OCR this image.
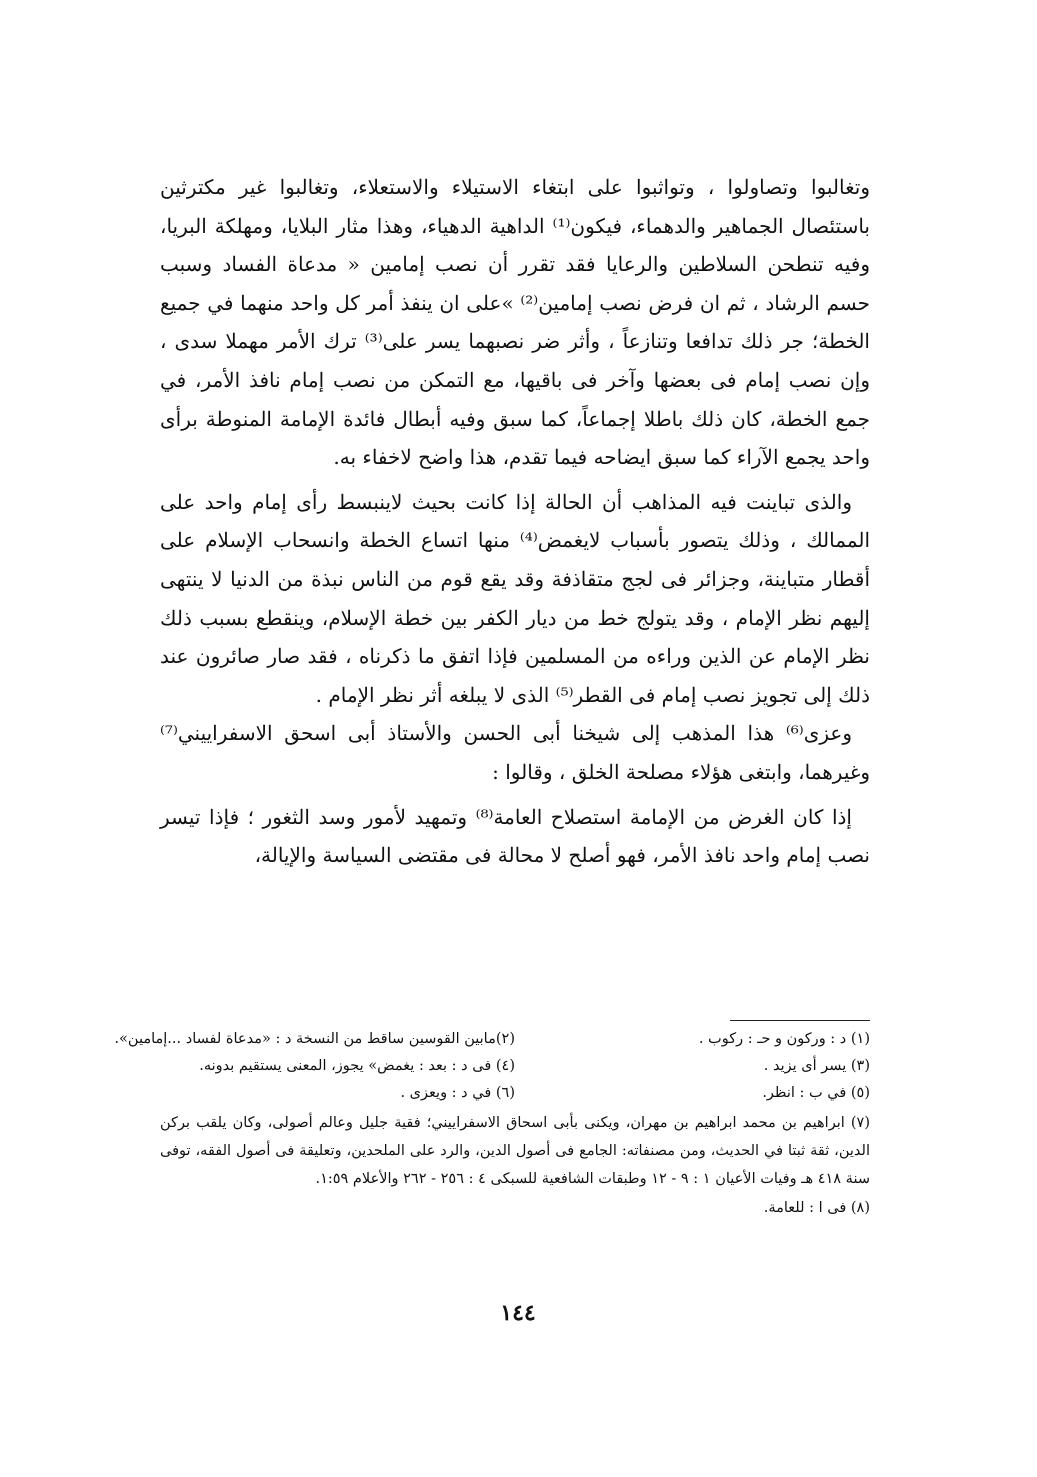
وتغالبوا وتصاولوا ، وتواثبوا على ابتغاء الاستيلاء والاستعلاء، وتغالبوا غير مكترثين باستئصال الجماهير والدهماء، فيكون⁽¹⁾ الداهية الدهياء، وهذا مثار البلايا، ومهلكة البريا، وفيه تنطحن السلاطين والرعايا فقد تقرر أن نصب إمامين « مدعاة الفساد وسبب حسم الرشاد ، ثم ان فرض نصب إمامين⁽²⁾ »على ان ينفذ أمر كل واحد منهما في جميع الخطة؛ جر ذلك تدافعا وتنازعاً ، وأثر ضر نصبهما يسر على⁽³⁾ ترك الأمر مهملا سدى ، وإن نصب إمام فى بعضها وآخر فى باقيها، مع التمكن من نصب إمام نافذ الأمر، في جمع الخطة، كان ذلك باطلا إجماعاً، كما سبق وفيه أبطال فائدة الإمامة المنوطة برأى واحد يجمع الآراء كما سبق ايضاحه فيما تقدم، هذا واضح لاخفاء به.

والذى تباينت فيه المذاهب أن الحالة إذا كانت بحيث لاينبسط رأى إمام واحد على الممالك ، وذلك يتصور بأسباب لايغمض⁽⁴⁾ منها اتساع الخطة وانسحاب الإسلام على أقطار متباينة، وجزائر فى لجج متقاذفة وقد يقع قوم من الناس نبذة من الدنيا لا ينتهى إليهم نظر الإمام ، وقد يتولج خط من ديار الكفر بين خطة الإسلام، وينقطع بسبب ذلك نظر الإمام عن الذين وراءه من المسلمين فإذا اتفق ما ذكرناه ، فقد صار صائرون عند ذلك إلى تجويز نصب إمام فى القطر⁽⁵⁾ الذى لا يبلغه أثر نظر الإمام .

وعزى⁽⁶⁾ هذا المذهب إلى شيخنا أبى الحسن والأستاذ أبى اسحق الاسفراييني⁽⁷⁾ وغيرهما، وابتغى هؤلاء مصلحة الخلق ، وقالوا :

إذا كان الغرض من الإمامة استصلاح العامة⁽⁸⁾ وتمهيد لأمور وسد الثغور ؛ فإذا تيسر نصب إمام واحد نافذ الأمر، فهو أصلح لا محالة فى مقتضى السياسة والإيالة،

(١) د : وركون و حـ : ركوب .
(٢)مابين القوسين ساقط من النسخة د : «مدعاة لفساد ...إمامين».
(٣) يسر أى يزيد .
(٤) فى د : بعد : يغمض» يجوز، المعنى يستقيم بدونه.
(٥) في ب : انظر.
(٦) في د : ويعزى .

(٧) ابراهيم بن محمد ابراهيم بن مهران، ويكنى بأبى اسحاق الاسفراييني؛ فقية جليل وعالم أصولى، وكان يلقب بركن الدين، ثقة ثبتا في الحديث، ومن مصنفاته: الجامع فى أصول الدين، والرد على الملحدين، وتعليقة فى أصول الفقه، توفى سنة ٤١٨ هـ وفيات الأعيان ١ : ٩ - ١٢ وطبقات الشافعية للسبكى ٤ : ٢٥٦ - ٢٦٢ والأعلام ١:٥٩.

(٨) فى ا : للعامة.

١٤٤
